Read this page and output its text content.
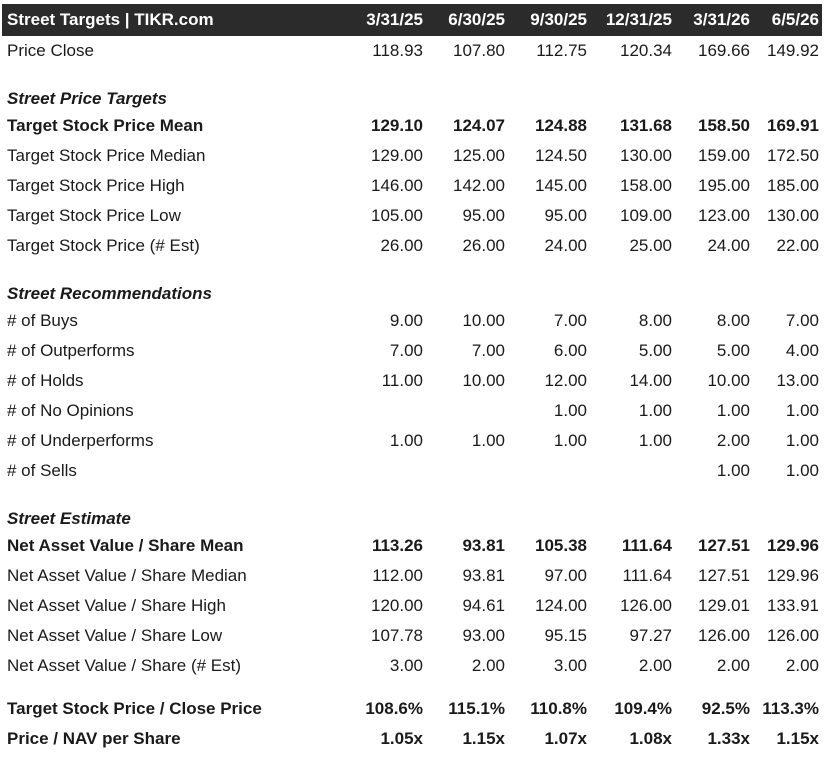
Street Targets | TIKR.com	3/31/25	6/30/25	9/30/25	12/31/25	3/31/26	6/5/26
Price Close	118.93	107.80	112.75	120.34	169.66	149.92

Street Price Targets						
Target Stock Price Mean	129.10	124.07	124.88	131.68	158.50	169.91
Target Stock Price Median	129.00	125.00	124.50	130.00	159.00	172.50
Target Stock Price High	146.00	142.00	145.00	158.00	195.00	185.00
Target Stock Price Low	105.00	95.00	95.00	109.00	123.00	130.00
Target Stock Price (# Est)	26.00	26.00	24.00	25.00	24.00	22.00

Street Recommendations						
# of Buys	9.00	10.00	7.00	8.00	8.00	7.00
# of Outperforms	7.00	7.00	6.00	5.00	5.00	4.00
# of Holds	11.00	10.00	12.00	14.00	10.00	13.00
# of No Opinions			1.00	1.00	1.00	1.00
# of Underperforms	1.00	1.00	1.00	1.00	2.00	1.00
# of Sells					1.00	1.00

Street Estimate						
Net Asset Value / Share Mean	113.26	93.81	105.38	111.64	127.51	129.96
Net Asset Value / Share Median	112.00	93.81	97.00	111.64	127.51	129.96
Net Asset Value / Share High	120.00	94.61	124.00	126.00	129.01	133.91
Net Asset Value / Share Low	107.78	93.00	95.15	97.27	126.00	126.00
Net Asset Value / Share (# Est)	3.00	2.00	3.00	2.00	2.00	2.00

Target Stock Price / Close Price	108.6%	115.1%	110.8%	109.4%	92.5%	113.3%
Price / NAV per Share	1.05x	1.15x	1.07x	1.08x	1.33x	1.15x
